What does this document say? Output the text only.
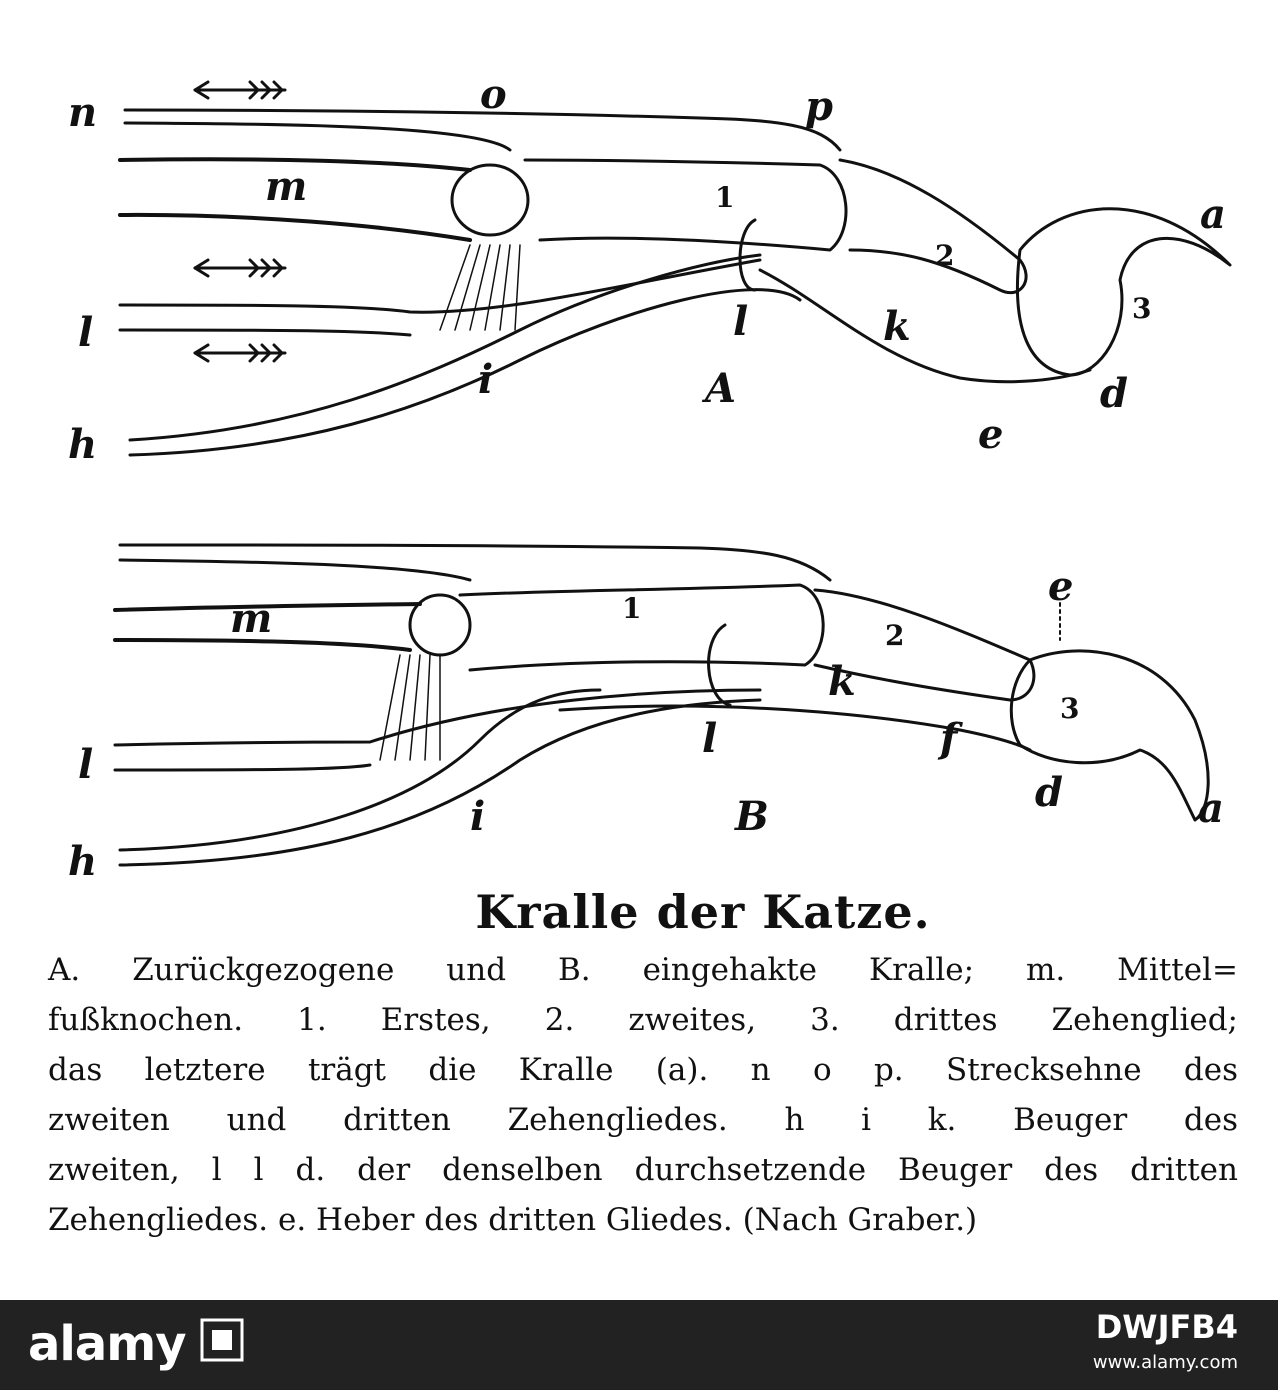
n	o	p
m	1
2
3
a
l	l	k
i	A	d
e
h
e
m	1
2
k
3
f
l
l
d	a
i	B
h
Kralle der Katze.
A. Zurückgezogene und B. eingehakte Kralle; m. Mittel=
fußknochen. 1. Erstes, 2. zweites, 3. drittes Zehenglied;
das letztere trägt die Kralle (a). n o p. Strecksehne des
zweiten und dritten Zehengliedes. h i k. Beuger des
zweiten, l l d. der denselben durchsetzende Beuger des dritten
Zehengliedes. e. Heber des dritten Gliedes. (Nach Graber.)
alamy	DWJFB4
www.alamy.com
